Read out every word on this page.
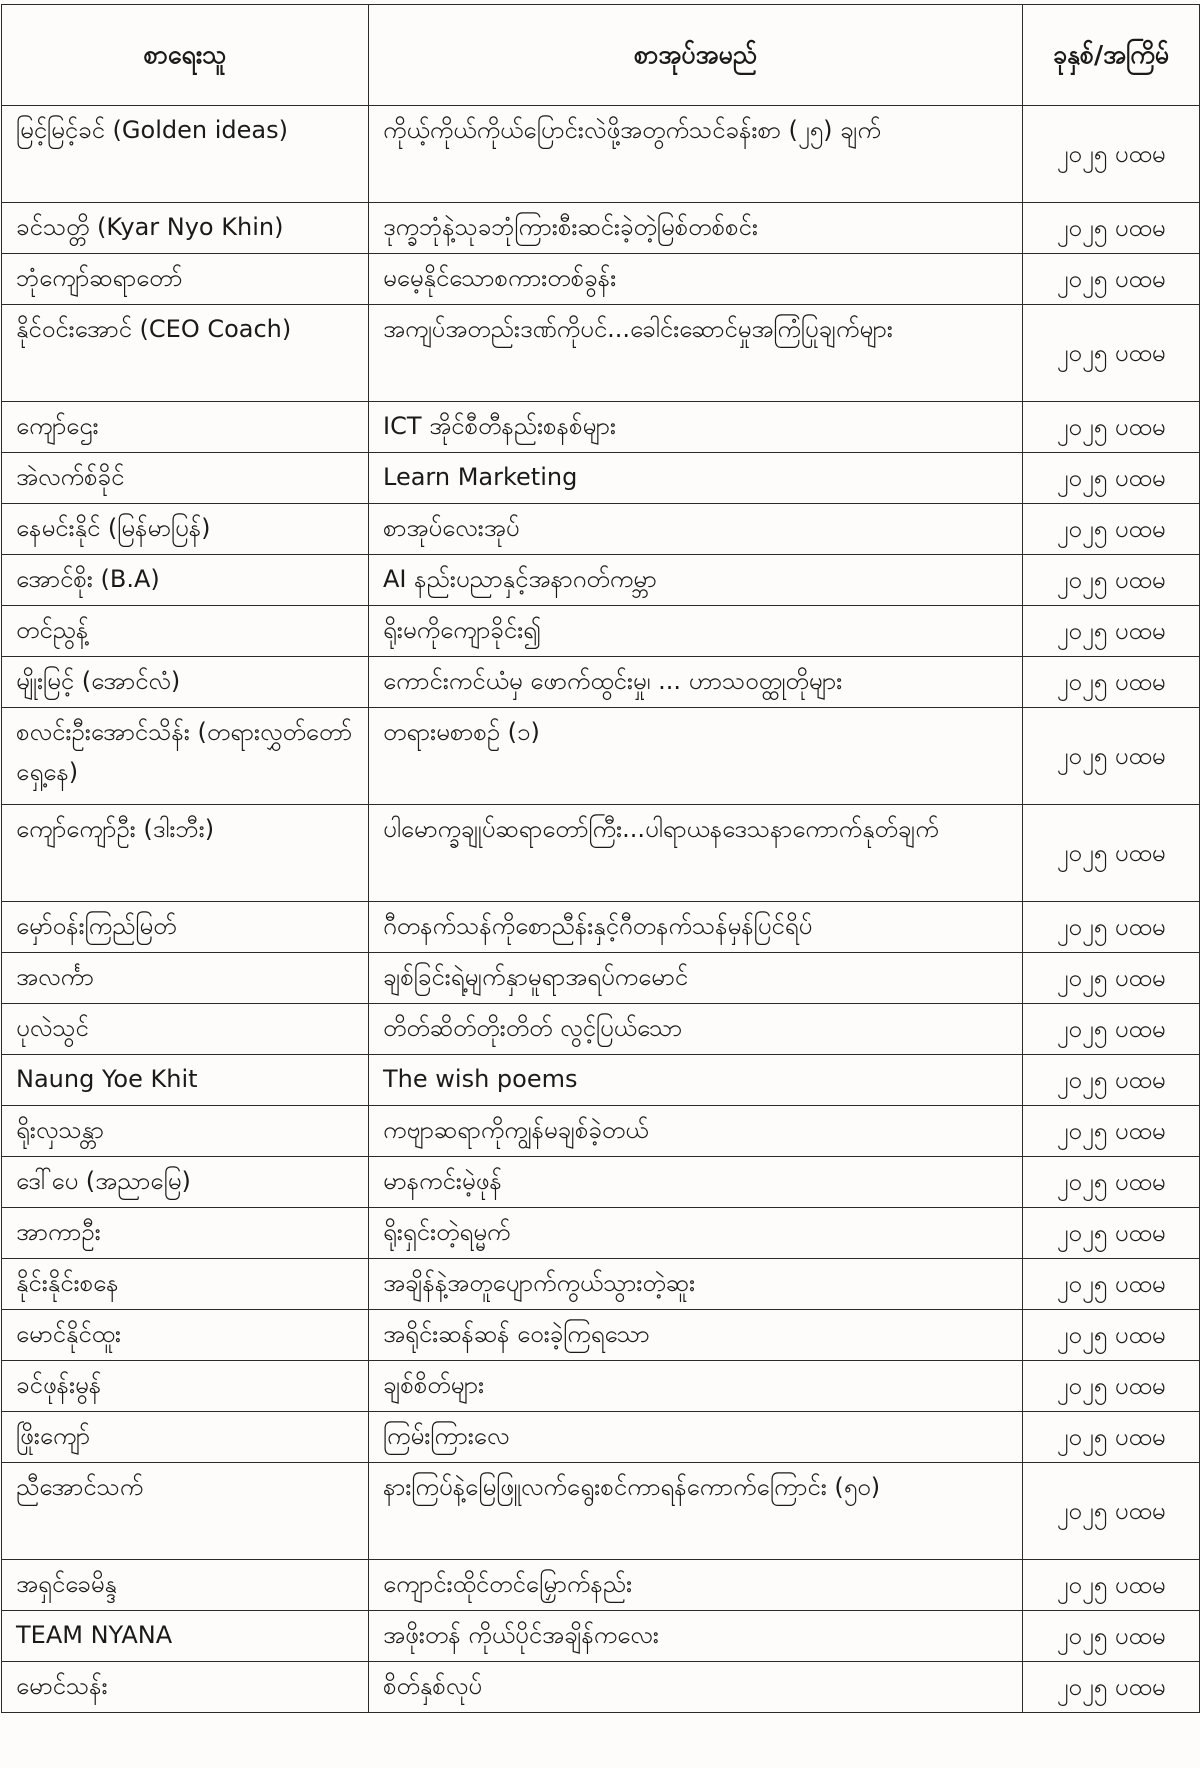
စာရေးသူ	စာအုပ်အမည်	ခုနှစ်/အကြိမ်
မြင့်မြင့်ခင် (Golden ideas)	ကိုယ့်ကိုယ်ကိုယ်ပြောင်းလဲဖို့အတွက်သင်ခန်းစာ (၂၅) ချက်	၂၀၂၅ ပထမ
ခင်သတ္တိ (Kyar Nyo Khin)	ဒုက္ခဘုံနဲ့သုခဘုံကြားစီးဆင်းခဲ့တဲ့မြစ်တစ်စင်း	၂၀၂၅ ပထမ
ဘုံကျော်ဆရာတော်	မမေ့နိုင်သောစကားတစ်ခွန်း	၂၀၂၅ ပထမ
နိုင်ဝင်းအောင် (CEO Coach)	အကျပ်အတည်းဒဏ်ကိုပင်...ခေါင်းဆောင်မှုအကြံပြုချက်များ	၂၀၂၅ ပထမ
ကျော်ဌေး	ICT အိုင်စီတီနည်းစနစ်များ	၂၀၂၅ ပထမ
အဲလက်စ်ခိုင်	Learn Marketing	၂၀၂၅ ပထမ
နေမင်းနိုင် (မြန်မာပြန်)	စာအုပ်လေးအုပ်	၂၀၂၅ ပထမ
အောင်စိုး (B.A)	AI နည်းပညာနှင့်အနာဂတ်ကမ္ဘာ	၂၀၂၅ ပထမ
တင်ညွန့်	ရိုးမကိုကျောခိုင်း၍	၂၀၂၅ ပထမ
မျိုးမြင့် (အောင်လံ)	ကောင်းကင်ယံမှ ဖောက်ထွင်းမှု၊ ... ဟာသဝတ္ထုတိုများ	၂၀၂၅ ပထမ
စလင်းဦးအောင်သိန်း (တရားလွှတ်တော်ရှေ့နေ)	တရားမစာစဉ် (၁)	၂၀၂၅ ပထမ
ကျော်ကျော်ဦး (ဒါးဘီး)	ပါမောက္ခချုပ်ဆရာတော်ကြီး...ပါရာယနဒေသနာကောက်နုတ်ချက်	၂၀၂၅ ပထမ
မှော်ဝန်းကြည်မြတ်	ဂီတနက်သန်ကိုစောညီန်းနှင့်ဂီတနက်သန်မှန်ပြင်ရိပ်	၂၀၂၅ ပထမ
အလင်္ကာ	ချစ်ခြင်းရဲ့မျက်နှာမူရာအရပ်ကမောင်	၂၀၂၅ ပထမ
ပုလဲသွင်	တိတ်ဆိတ်တိုးတိတ် လွင့်ပြယ်သော	၂၀၂၅ ပထမ
Naung Yoe Khit	The wish poems	၂၀၂၅ ပထမ
ရိုးလှသန္တာ	ကဗျာဆရာကိုကျွန်မချစ်ခဲ့တယ်	၂၀၂၅ ပထမ
ဒေါ်ပေ (အညာမြေ)	မာနကင်းမဲ့ဖုန်	၂၀၂၅ ပထမ
အာကာဦး	ရိုးရှင်းတဲ့ရမ္မက်	၂၀၂၅ ပထမ
နိုင်းနိုင်းစနေ	အချိန်နဲ့အတူပျောက်ကွယ်သွားတဲ့ဆူး	၂၀၂၅ ပထမ
မောင်နိုင်ထူး	အရိုင်းဆန်ဆန် ဝေးခဲ့ကြရသော	၂၀၂၅ ပထမ
ခင်ဖုန်းမွန်	ချစ်စိတ်များ	၂၀၂၅ ပထမ
ဖြိုးကျော်	ကြမ်းကြားလေ	၂၀၂၅ ပထမ
ညီအောင်သက်	နားကြပ်နဲ့မြေဖြူလက်ရွေးစင်ကာရန်ကောက်ကြောင်း (၅၀)	၂၀၂၅ ပထမ
အရှင်ခေမိန္ဒ	ကျောင်းထိုင်တင်မြှောက်နည်း	၂၀၂၅ ပထမ
TEAM NYANA	အဖိုးတန် ကိုယ်ပိုင်အချိန်ကလေး	၂၀၂၅ ပထမ
မောင်သန်း	စိတ်နှစ်လုပ်	၂၀၂၅ ပထမ
